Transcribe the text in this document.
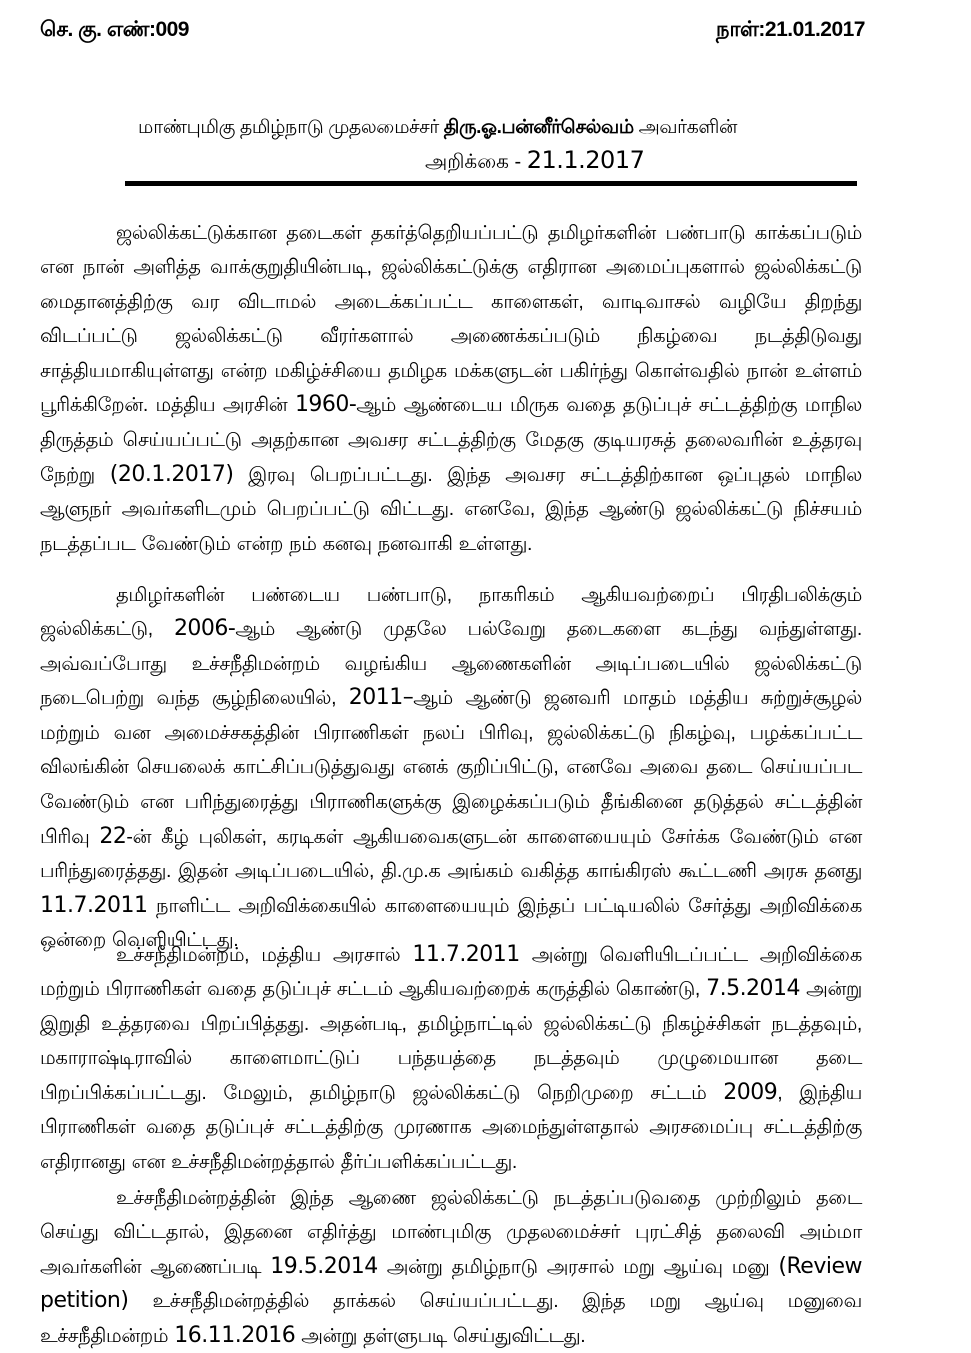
செ. கு. எண்:009	நாள்:21.01.2017
மாண்புமிகு தமிழ்நாடு முதலமைச்சர் திரு.ஓ.பன்னீர்செல்வம் அவர்களின்
அறிக்கை - 21.1.2017

ஜல்லிக்கட்டுக்கான தடைகள் தகர்த்தெறியப்பட்டு தமிழர்களின் பண்பாடு காக்கப்படும் என நான் அளித்த வாக்குறுதியின்படி, ஜல்லிக்கட்டுக்கு எதிரான அமைப்புகளால் ஜல்லிக்கட்டு மைதானத்திற்கு வர விடாமல் அடைக்கப்பட்ட காளைகள், வாடிவாசல் வழியே திறந்து விடப்பட்டு ஜல்லிக்கட்டு வீரர்களால் அணைக்கப்படும் நிகழ்வை நடத்திடுவது சாத்தியமாகியுள்ளது என்ற மகிழ்ச்சியை தமிழக மக்களுடன் பகிர்ந்து கொள்வதில் நான் உள்ளம் பூரிக்கிறேன். மத்திய அரசின் 1960-ஆம் ஆண்டைய மிருக வதை தடுப்புச் சட்டத்திற்கு மாநில திருத்தம் செய்யப்பட்டு அதற்கான அவசர சட்டத்திற்கு மேதகு குடியரசுத் தலைவரின் உத்தரவு நேற்று (20.1.2017) இரவு பெறப்பட்டது. இந்த அவசர சட்டத்திற்கான ஒப்புதல் மாநில ஆளுநர் அவர்களிடமும் பெறப்பட்டு விட்டது. எனவே, இந்த ஆண்டு ஜல்லிக்கட்டு நிச்சயம் நடத்தப்பட வேண்டும் என்ற நம் கனவு நனவாகி உள்ளது.

தமிழர்களின் பண்டைய பண்பாடு, நாகரிகம் ஆகியவற்றைப் பிரதிபலிக்கும் ஜல்லிக்கட்டு, 2006-ஆம் ஆண்டு முதலே பல்வேறு தடைகளை கடந்து வந்துள்ளது. அவ்வப்போது உச்சநீதிமன்றம் வழங்கிய ஆணைகளின் அடிப்படையில் ஜல்லிக்கட்டு நடைபெற்று வந்த சூழ்நிலையில், 2011–ஆம் ஆண்டு ஜனவரி மாதம் மத்திய சுற்றுச்சூழல் மற்றும் வன அமைச்சகத்தின் பிராணிகள் நலப் பிரிவு, ஜல்லிக்கட்டு நிகழ்வு, பழக்கப்பட்ட விலங்கின் செயலைக் காட்சிப்படுத்துவது எனக் குறிப்பிட்டு, எனவே அவை தடை செய்யப்பட வேண்டும் என பரிந்துரைத்து பிராணிகளுக்கு இழைக்கப்படும் தீங்கினை தடுத்தல் சட்டத்தின் பிரிவு 22-ன் கீழ் புலிகள், கரடிகள் ஆகியவைகளுடன் காளையையும் சேர்க்க வேண்டும் என பரிந்துரைத்தது. இதன் அடிப்படையில், தி.மு.க அங்கம் வகித்த காங்கிரஸ் கூட்டணி அரசு தனது 11.7.2011 நாளிட்ட அறிவிக்கையில் காளையையும் இந்தப் பட்டியலில் சேர்த்து அறிவிக்கை ஒன்றை வெளியிட்டது.

உச்சநீதிமன்றம், மத்திய அரசால் 11.7.2011 அன்று வெளியிடப்பட்ட அறிவிக்கை மற்றும் பிராணிகள் வதை தடுப்புச் சட்டம் ஆகியவற்றைக் கருத்தில் கொண்டு, 7.5.2014 அன்று இறுதி உத்தரவை பிறப்பித்தது. அதன்படி, தமிழ்நாட்டில் ஜல்லிக்கட்டு நிகழ்ச்சிகள் நடத்தவும், மகாராஷ்டிராவில் காளைமாட்டுப் பந்தயத்தை நடத்தவும் முழுமையான தடை பிறப்பிக்கப்பட்டது. மேலும், தமிழ்நாடு ஜல்லிக்கட்டு நெறிமுறை சட்டம் 2009, இந்திய பிராணிகள் வதை தடுப்புச் சட்டத்திற்கு முரணாக அமைந்துள்ளதால் அரசமைப்பு சட்டத்திற்கு எதிரானது என உச்சநீதிமன்றத்தால் தீர்ப்பளிக்கப்பட்டது.

உச்சநீதிமன்றத்தின் இந்த ஆணை ஜல்லிக்கட்டு நடத்தப்படுவதை முற்றிலும் தடை செய்து விட்டதால், இதனை எதிர்த்து மாண்புமிகு முதலமைச்சர் புரட்சித் தலைவி அம்மா அவர்களின் ஆணைப்படி 19.5.2014 அன்று தமிழ்நாடு அரசால் மறு ஆய்வு மனு (Review petition) உச்சநீதிமன்றத்தில் தாக்கல் செய்யப்பட்டது. இந்த மறு ஆய்வு மனுவை உச்சநீதிமன்றம் 16.11.2016 அன்று தள்ளுபடி செய்துவிட்டது.
